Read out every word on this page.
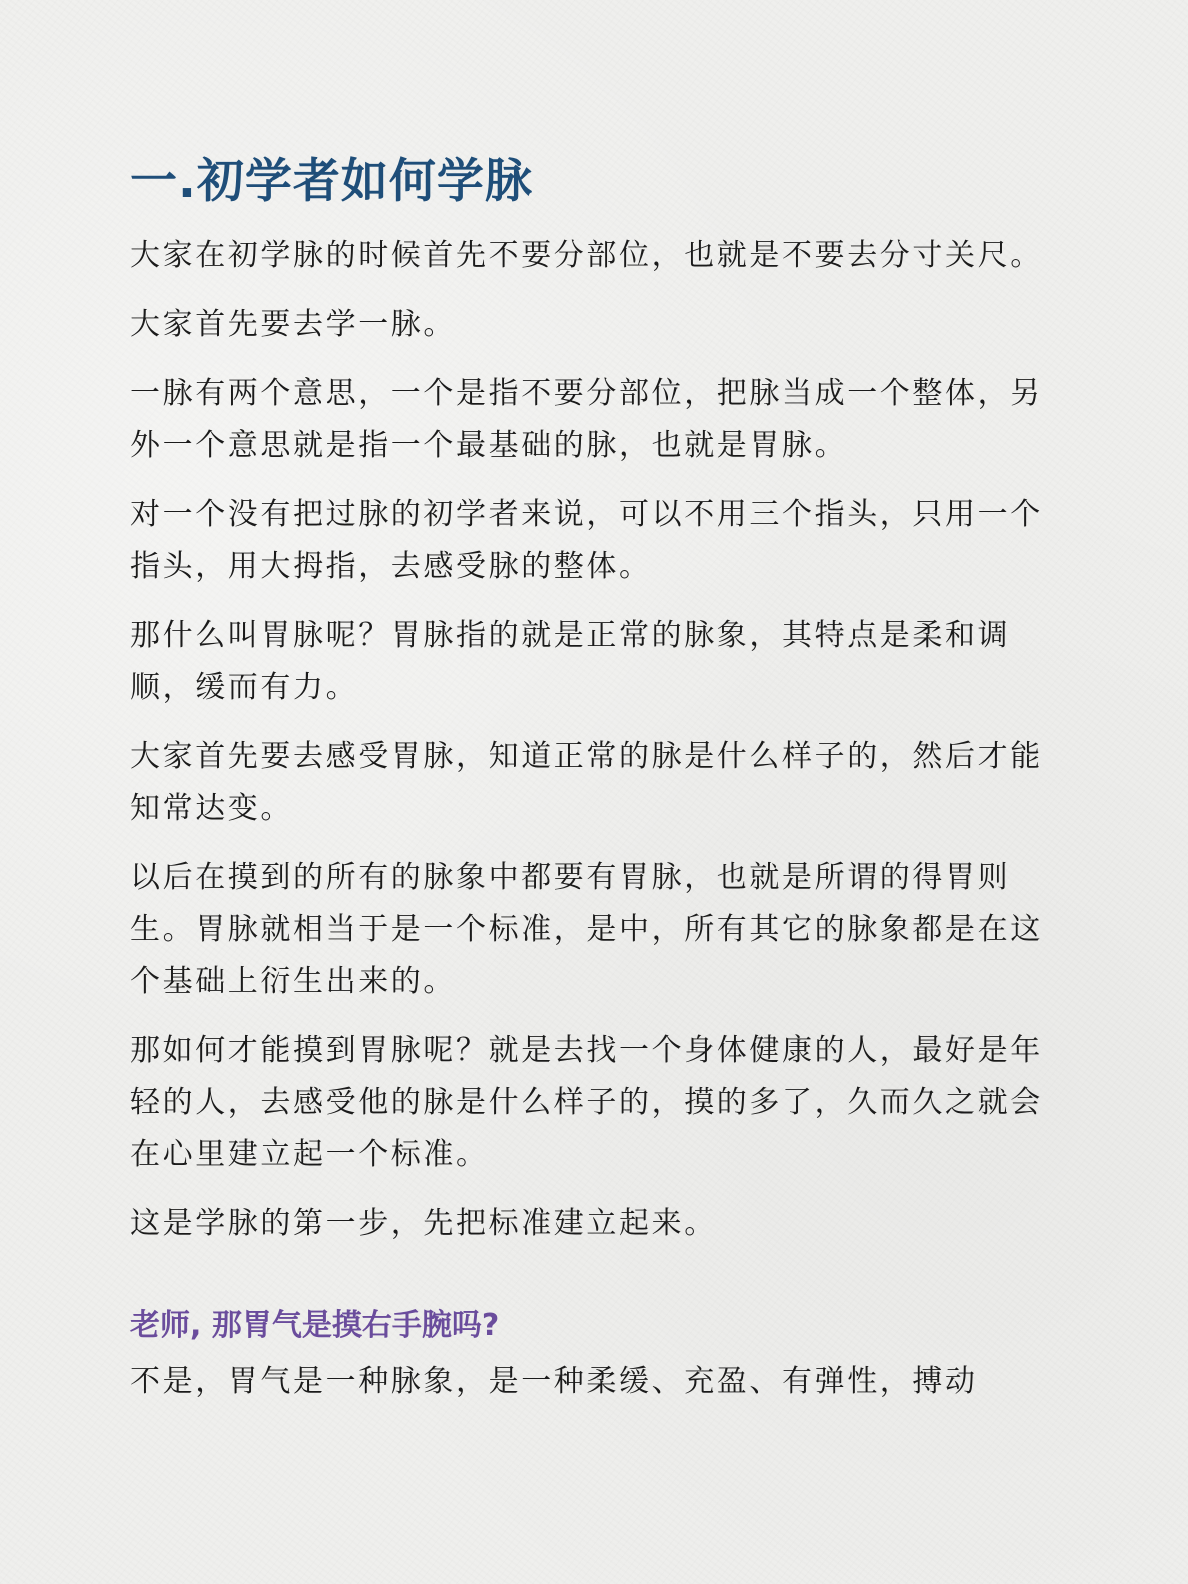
一.初学者如何学脉

大家在初学脉的时候首先不要分部位，也就是不要去分寸关尺。

大家首先要去学一脉。

一脉有两个意思，一个是指不要分部位，把脉当成一个整体，另外一个意思就是指一个最基础的脉，也就是胃脉。

对一个没有把过脉的初学者来说，可以不用三个指头，只用一个指头，用大拇指，去感受脉的整体。

那什么叫胃脉呢？胃脉指的就是正常的脉象，其特点是柔和调顺，缓而有力。

大家首先要去感受胃脉，知道正常的脉是什么样子的，然后才能知常达变。

以后在摸到的所有的脉象中都要有胃脉，也就是所谓的得胃则生。胃脉就相当于是一个标准，是中，所有其它的脉象都是在这个基础上衍生出来的。

那如何才能摸到胃脉呢？就是去找一个身体健康的人，最好是年轻的人，去感受他的脉是什么样子的，摸的多了，久而久之就会在心里建立起一个标准。

这是学脉的第一步，先把标准建立起来。

老师, 那胃气是摸右手腕吗?

不是，胃气是一种脉象，是一种柔缓、充盈、有弹性，搏动
